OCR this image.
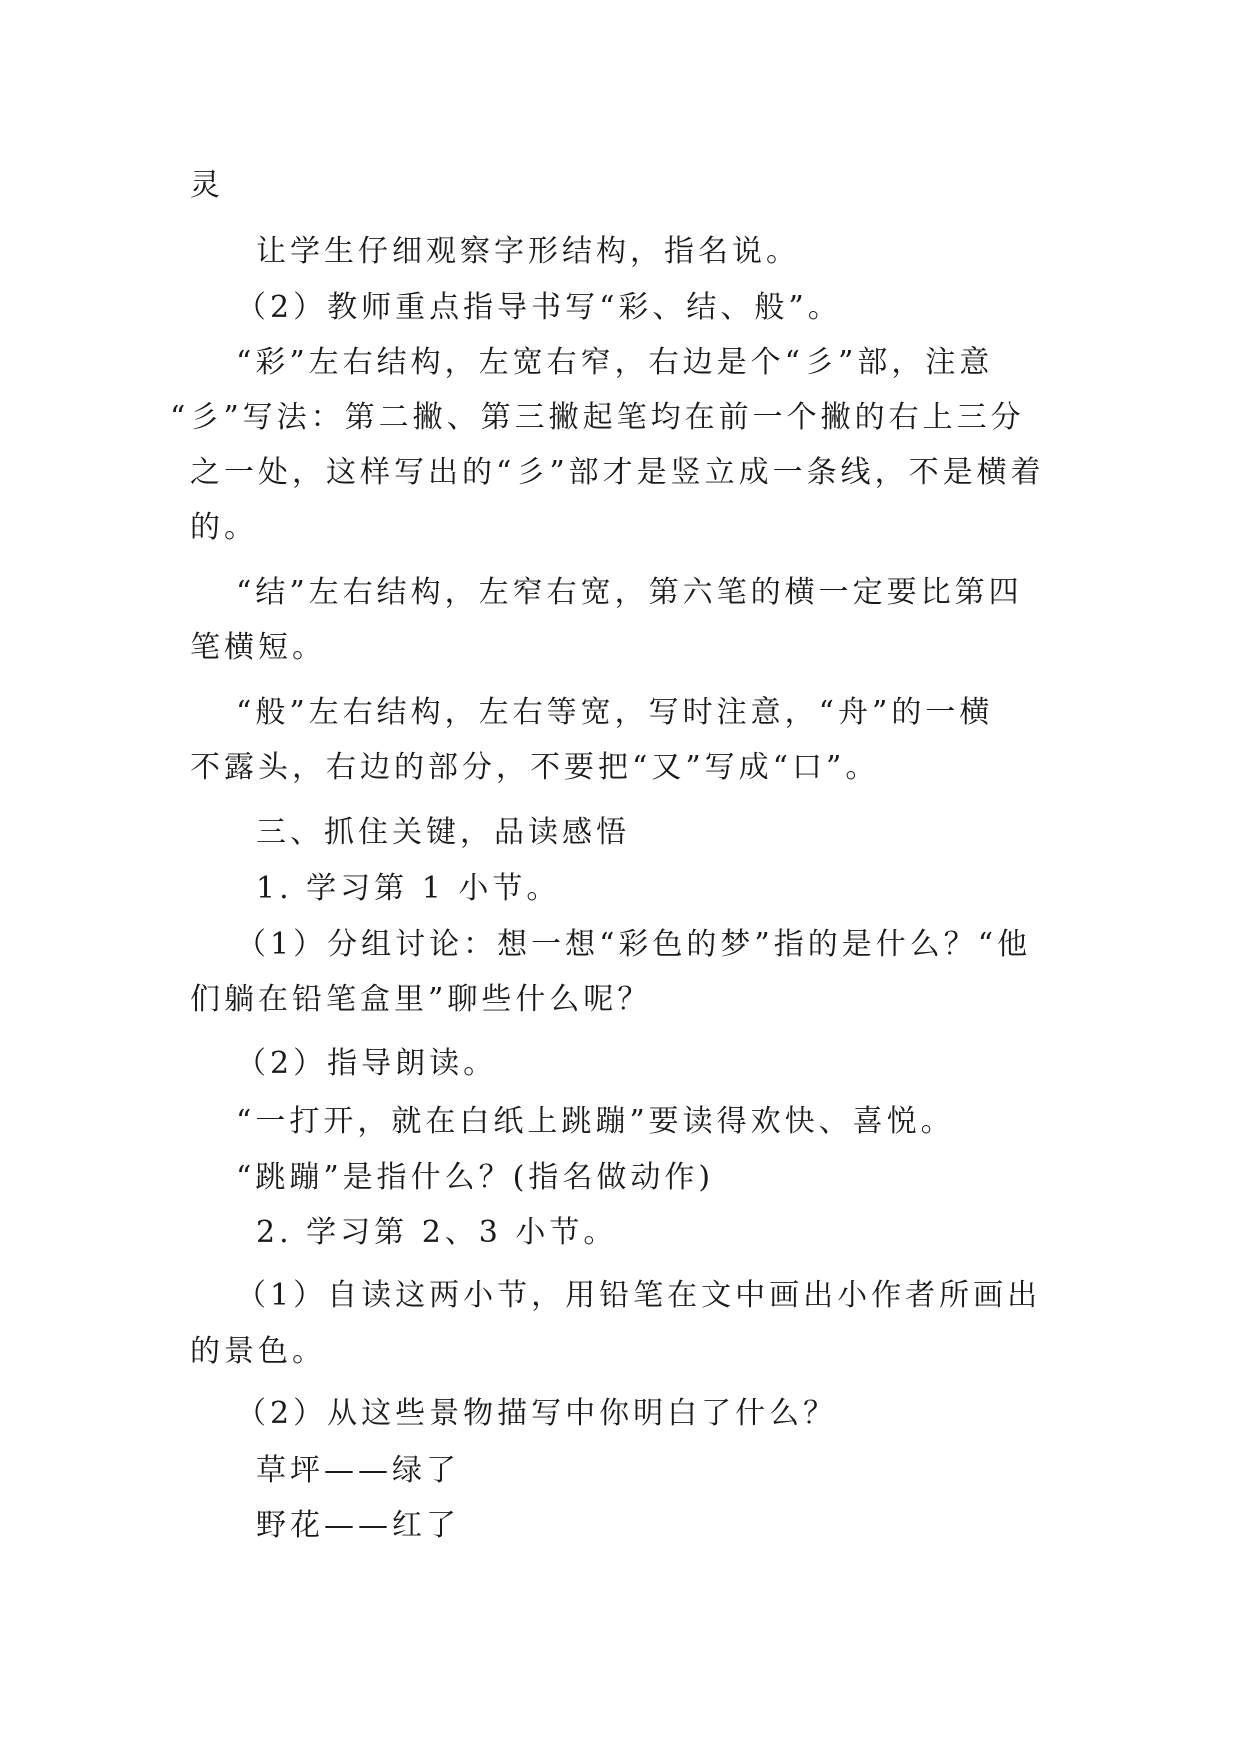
灵
让学生仔细观察字形结构，指名说。
（2）教师重点指导书写“彩、结、般”。
“彩”左右结构，左宽右窄，右边是个“彡”部，注意
“彡”写法：第二撇、第三撇起笔均在前一个撇的右上三分
之一处，这样写出的“彡”部才是竖立成一条线，不是横着
的。
“结”左右结构，左窄右宽，第六笔的横一定要比第四
笔横短。
“般”左右结构，左右等宽，写时注意，“舟”的一横
不露头，右边的部分，不要把“又”写成“口”。
三、抓住关键，品读感悟
1. 学习第 1 小节。
（1）分组讨论：想一想“彩色的梦”指的是什么？“他
们躺在铅笔盒里”聊些什么呢？
（2）指导朗读。
“一打开，就在白纸上跳蹦”要读得欢快、喜悦。
“跳蹦”是指什么？(指名做动作)
2. 学习第 2、3 小节。
（1）自读这两小节，用铅笔在文中画出小作者所画出
的景色。
（2）从这些景物描写中你明白了什么？
草坪——绿了
野花——红了
